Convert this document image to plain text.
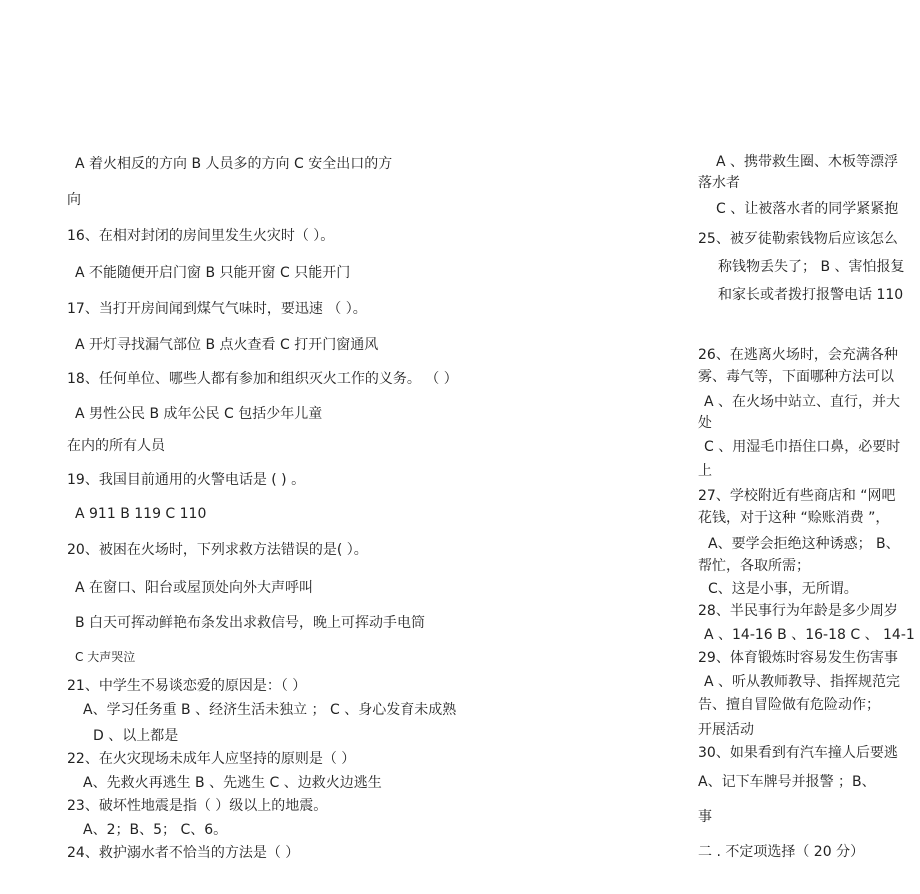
A 着火相反的方向 B 人员多的方向 C 安全出口的方
向
16、在相对封闭的房间里发生火灾时（ ）。
A 不能随便开启门窗 B 只能开窗 C 只能开门
17、当打开房间闻到煤气气味时，要迅速 （ ）。
A 开灯寻找漏气部位 B 点火查看 C 打开门窗通风
18、任何单位、哪些人都有参加和组织灭火工作的义务。 （ ）
A 男性公民 B 成年公民 C 包括少年儿童
在内的所有人员
19、我国目前通用的火警电话是 ( ) 。
A 911 B 119 C 110
20、被困在火场时，下列求救方法错误的是( ）。
A 在窗口、阳台或屋顶处向外大声呼叫
B 白天可挥动鲜艳布条发出求救信号，晚上可挥动手电筒
C 大声哭泣
21、中学生不易谈恋爱的原因是：（ ）
A、学习任务重 B 、经济生活未独立 ； C 、身心发育未成熟
D 、以上都是
22、在火灾现场未成年人应坚持的原则是（ ）
A、先救火再逃生 B 、先逃生 C 、边救火边逃生
23、破坏性地震是指（ ）级以上的地震。
A、2；B、5； C、6。
24、救护溺水者不恰当的方法是（ ）
A 、携带救生圈、木板等漂浮
落水者
C 、让被落水者的同学紧紧抱
25、被歹徒勒索钱物后应该怎么
称钱物丢失了； B 、害怕报复
和家长或者拨打报警电话 110
26、在逃离火场时，会充满各种
雾、毒气等，下面哪种方法可以
A 、在火场中站立、直行，并大
处
C 、用湿毛巾捂住口鼻，必要时
上
27、学校附近有些商店和 “网吧
花钱，对于这种 “赊账消费 ”，
A、要学会拒绝这种诱惑； B、
帮忙，各取所需；
C、这是小事，无所谓。
28、半民事行为年龄是多少周岁
A 、14-16 B 、16-18 C 、 14-1
29、体育锻炼时容易发生伤害事
A 、听从教师教导、指挥规范完
告、擅自冒险做有危险动作；
开展活动
30、如果看到有汽车撞人后要逃
A、记下车牌号并报警 ；B、
事
二 . 不定项选择（ 20 分）
